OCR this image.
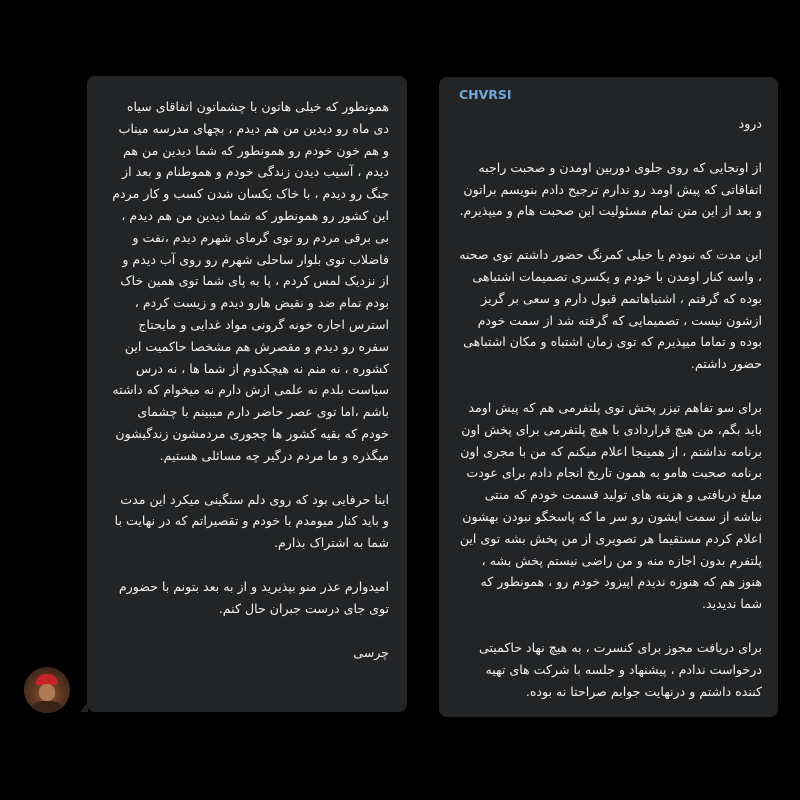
همونطور که خیلی هاتون با چشماتون اتفاقای سیاه دی ماه رو دیدین من هم دیدم ، بچهای مدرسه میناب و هم خون خودم رو همونطور که شما دیدین من هم دیدم ، آسیب دیدن زندگی خودم و هموطنام و بعد از جنگ رو دیدم ، با خاک یکسان شدن کسب و کار مردم این کشور رو همونطور که شما دیدین من هم دیدم ، بی برقی مردم رو توی گرمای شهرم دیدم ،نفت و فاضلاب توی بلوار ساحلی شهرم رو روی آب دیدم و از نزدیک لمس کردم ، پا به پای شما توی همین خاک بودم تمام ضد و نقیض هارو دیدم و زیست کردم ، استرس اجاره خونه گرونی مواد غدایی و مایحتاج سفره رو دیدم و مقصرش هم مشخصا حاکمیت این کشوره ، نه منم نه هیچکدوم از شما ها ، نه درس سیاست بلدم نه علمی ازش دارم نه میخوام که داشته باشم ،اما توی عصر حاضر دارم میبینم با چشمای خودم که بقیه کشور ها چجوری مردمشون زندگیشون میگذره و ما مردم درگیر چه مسائلی هستیم.

اینا حرفایی بود که روی دلم سنگینی میکرد این مدت و باید کنار میومدم با خودم و تقصیراتم که در نهایت با شما به اشتراک بذارم.

امیدوارم عذر منو بپذیرید و از به بعد بتونم با حضورم توی جای درست جبران حال کنم.

چرسی

CHVRSI

درود

از اونجایی که روی جلوی دوربین اومدن و صحبت راجبه اتفاقاتی که پیش اومد رو ندارم ترجیح دادم بنویسم براتون و بعد از این متن تمام مسئولیت این صحبت هام و میپذیرم.

این مدت که نبودم یا خیلی کمرنگ حضور داشتم توی صحنه ، واسه کنار اومدن با خودم و یکسری تصمیمات اشتباهی بوده که گرفتم ، اشتباهاتمم قبول دارم و سعی بر گریز ازشون نیست ، تصمیمایی که گرفته شد از سمت خودم بوده و تماما میپذیرم که توی زمان اشتباه و مکان اشتباهی حضور داشتم.

برای سو تفاهم تیزر پخش توی پلتفرمی هم که پیش اومد باید بگم، من هیچ قراردادی با هیچ پلتفرمی برای پخش اون برنامه نداشتم ، از همینجا اعلام میکنم که من با مجری اون برنامه صحبت هامو به همون تاریخ انجام دادم برای عودت مبلغ دریافتی و هزینه های تولید قسمت خودم که منتی نباشه از سمت ایشون رو سر ما که پاسخگو نبودن بهشون اعلام کردم مستقیما هر تصویری از من پخش بشه توی این پلتفرم بدون اجازه منه و من راضی نیستم پخش بشه ، هنوز هم که هنوزه ندیدم اپیزود خودم رو ، همونطور که شما ندیدید.

برای دریافت مجوز برای کنسرت ، به هیچ نهاد حاکمیتی درخواست ندادم ، پیشنهاد و جلسه با شرکت های تهیه کننده داشتم و درنهایت جوابم صراحتا نه بوده.
